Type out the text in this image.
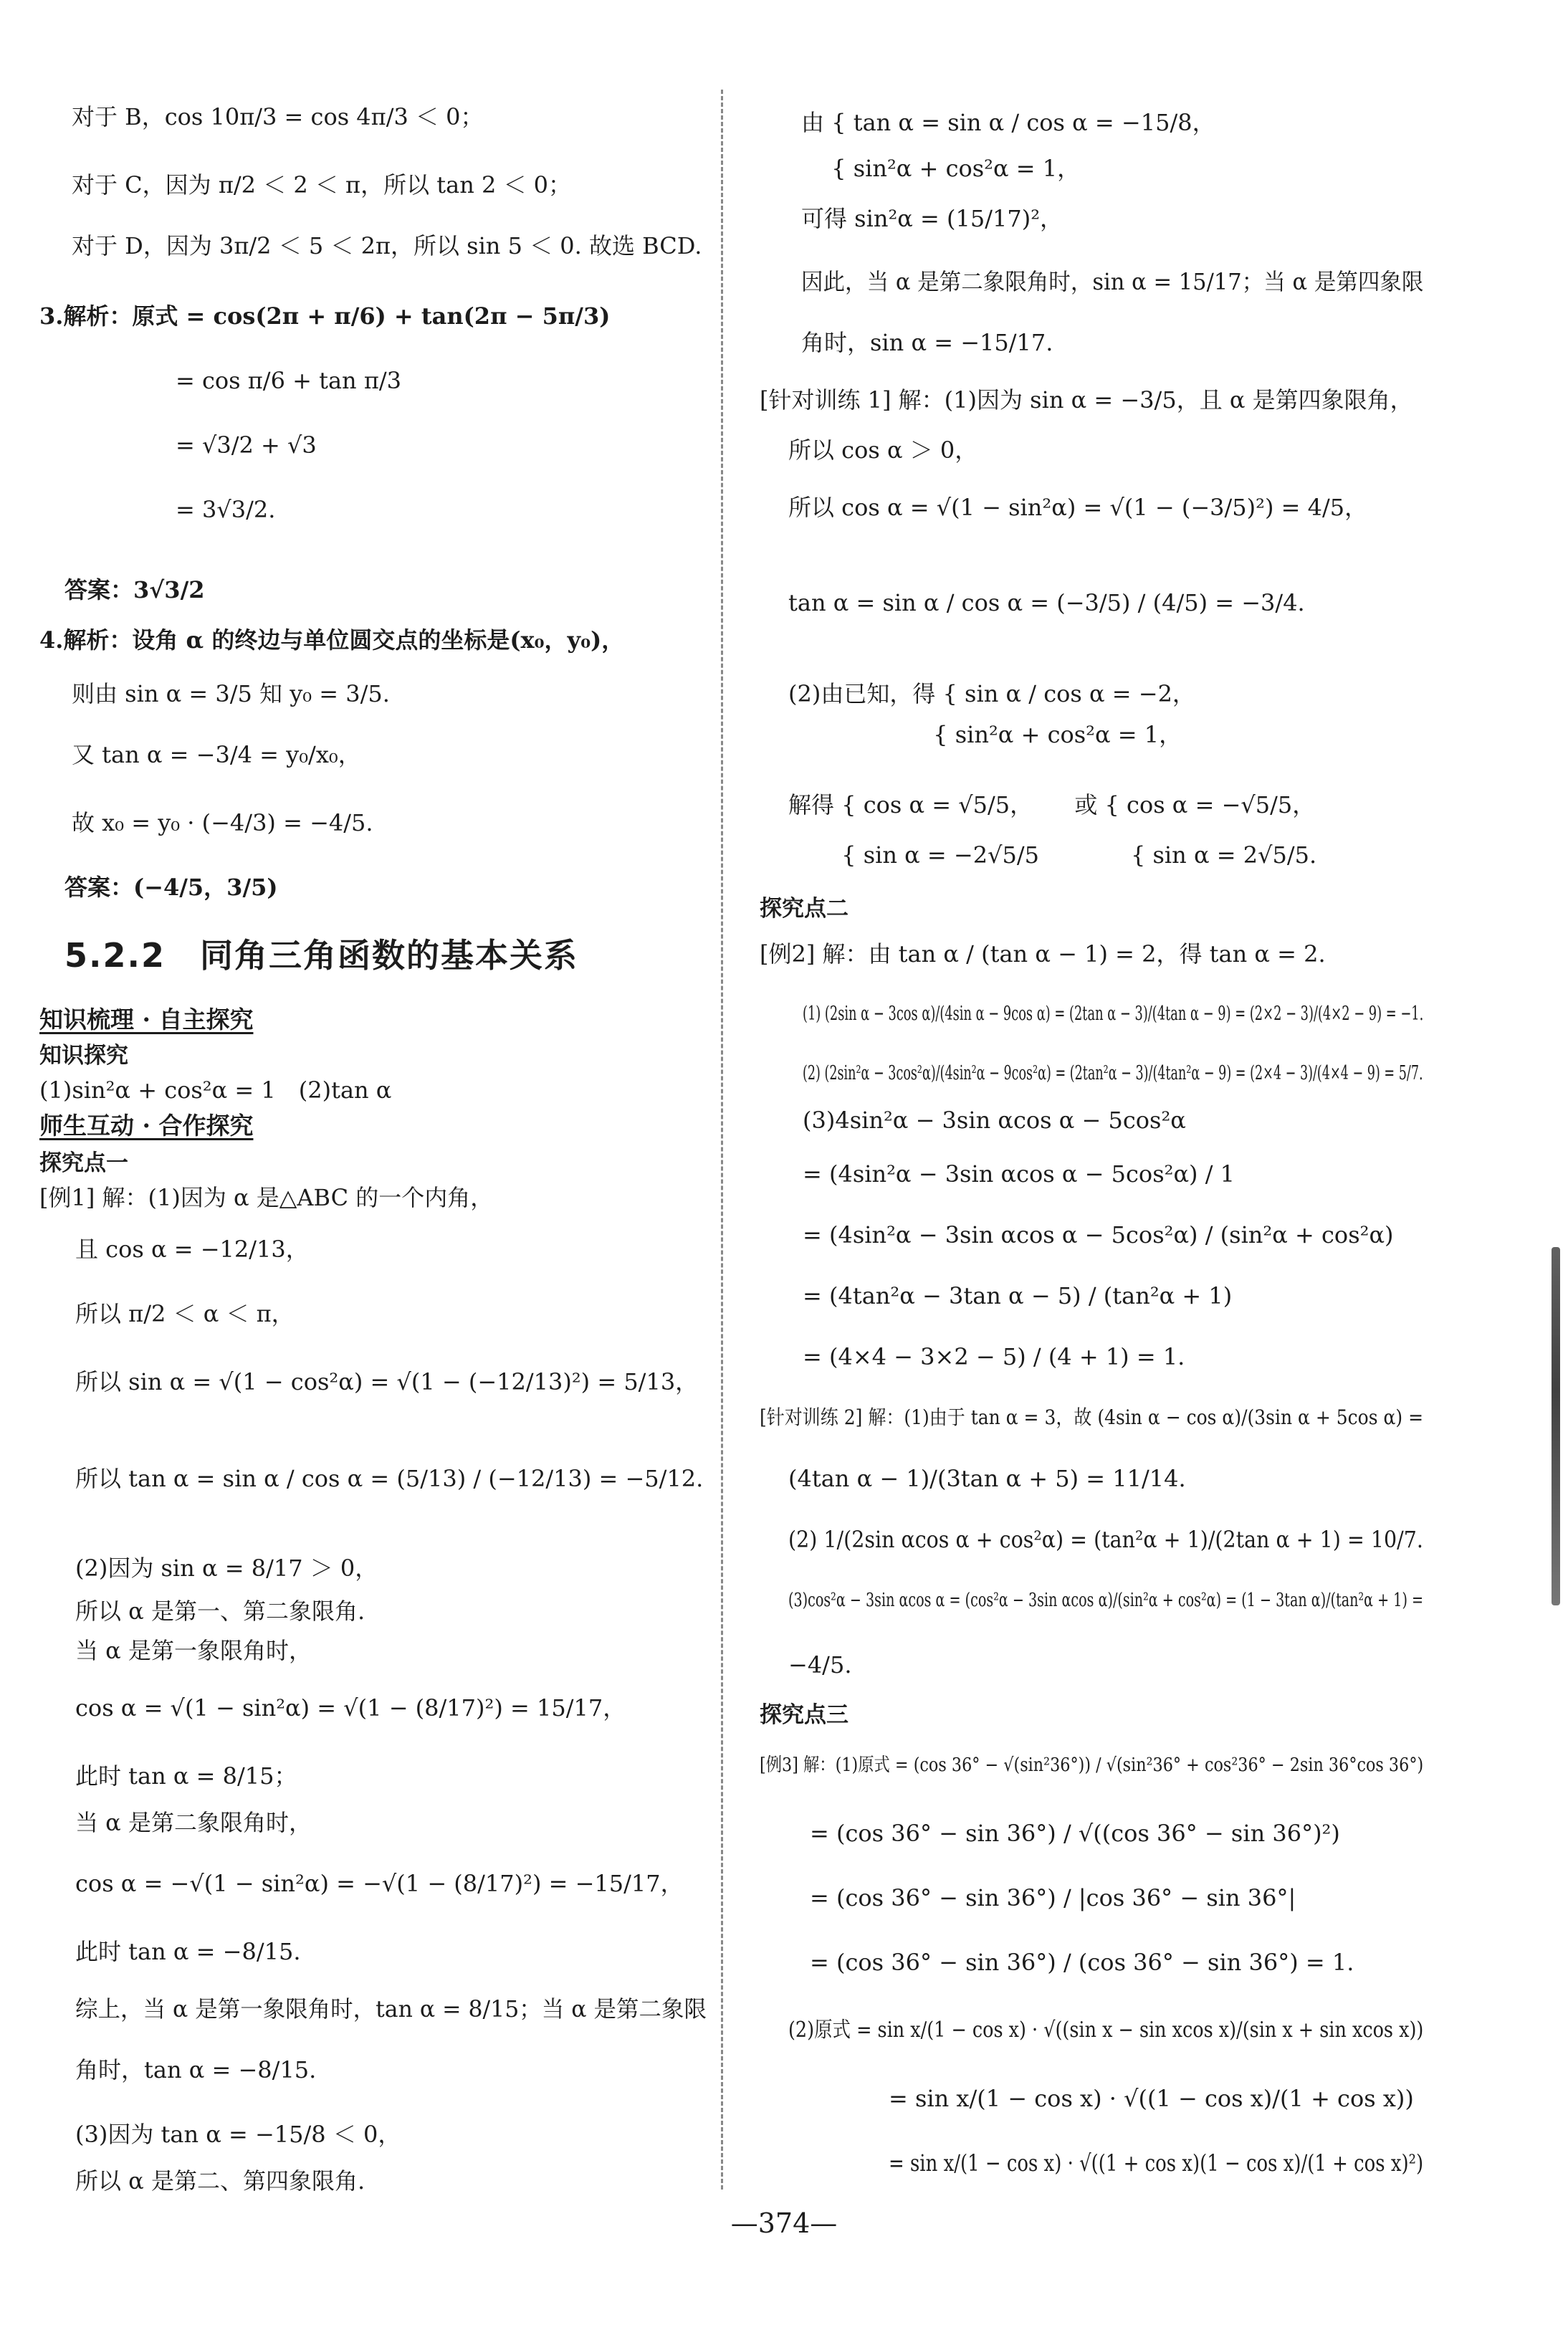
对于 B，cos 10π/3 = cos 4π/3 ＜ 0；
对于 C，因为 π/2 ＜ 2 ＜ π，所以 tan 2 ＜ 0；
对于 D，因为 3π/2 ＜ 5 ＜ 2π，所以 sin 5 ＜ 0. 故选 BCD.
3.解析：原式 = cos(2π + π/6) + tan(2π − 5π/3)
= cos π/6 + tan π/3
= √3/2 + √3
= 3√3/2.
答案：3√3/2
4.解析：设角 α 的终边与单位圆交点的坐标是(x₀，y₀)，
则由 sin α = 3/5 知 y₀ = 3/5.
又 tan α = −3/4 = y₀/x₀，
故 x₀ = y₀ · (−4/3) = −4/5.
答案：(−4/5，3/5)
5.2.2　同角三角函数的基本关系
知识梳理 · 自主探究
知识探究
(1)sin²α + cos²α = 1　(2)tan α
师生互动 · 合作探究
探究点一
[例1] 解：(1)因为 α 是△ABC 的一个内角，
且 cos α = −12/13，
所以 π/2 ＜ α ＜ π，
所以 sin α = √(1 − cos²α) = √(1 − (−12/13)²) = 5/13，
所以 tan α = sin α / cos α = (5/13) / (−12/13) = −5/12.
(2)因为 sin α = 8/17 ＞ 0，
所以 α 是第一、第二象限角.
当 α 是第一象限角时，
cos α = √(1 − sin²α) = √(1 − (8/17)²) = 15/17，
此时 tan α = 8/15；
当 α 是第二象限角时，
cos α = −√(1 − sin²α) = −√(1 − (8/17)²) = −15/17，
此时 tan α = −8/15.
综上，当 α 是第一象限角时，tan α = 8/15；当 α 是第二象限
角时，tan α = −8/15.
(3)因为 tan α = −15/8 ＜ 0，
所以 α 是第二、第四象限角.
由 { tan α = sin α / cos α = −15/8，
　 { sin²α + cos²α = 1，
可得 sin²α = (15/17)²，
因此，当 α 是第二象限角时，sin α = 15/17；当 α 是第四象限
角时，sin α = −15/17.
[针对训练 1] 解：(1)因为 sin α = −3/5，且 α 是第四象限角，
所以 cos α ＞ 0，
所以 cos α = √(1 − sin²α) = √(1 − (−3/5)²) = 4/5，
tan α = sin α / cos α = (−3/5) / (4/5) = −3/4.
(2)由已知，得 { sin α / cos α = −2，
　　　　　　 { sin²α + cos²α = 1，
解得 { cos α = √5/5，　　 或 { cos α = −√5/5，
　　 { sin α = −2√5/5　　　　{ sin α = 2√5/5.
探究点二
[例2] 解：由 tan α / (tan α − 1) = 2，得 tan α = 2.
(1) (2sin α − 3cos α)/(4sin α − 9cos α) = (2tan α − 3)/(4tan α − 9) = (2×2 − 3)/(4×2 − 9) = −1.
(2) (2sin²α − 3cos²α)/(4sin²α − 9cos²α) = (2tan²α − 3)/(4tan²α − 9) = (2×4 − 3)/(4×4 − 9) = 5/7.
(3)4sin²α − 3sin αcos α − 5cos²α
= (4sin²α − 3sin αcos α − 5cos²α) / 1
= (4sin²α − 3sin αcos α − 5cos²α) / (sin²α + cos²α)
= (4tan²α − 3tan α − 5) / (tan²α + 1)
= (4×4 − 3×2 − 5) / (4 + 1) = 1.
[针对训练 2] 解：(1)由于 tan α = 3，故 (4sin α − cos α)/(3sin α + 5cos α) =
(4tan α − 1)/(3tan α + 5) = 11/14.
(2) 1/(2sin αcos α + cos²α) = (tan²α + 1)/(2tan α + 1) = 10/7.
(3)cos²α − 3sin αcos α = (cos²α − 3sin αcos α)/(sin²α + cos²α) = (1 − 3tan α)/(tan²α + 1) =
−4/5.
探究点三
[例3] 解：(1)原式 = (cos 36° − √(sin²36°)) / √(sin²36° + cos²36° − 2sin 36°cos 36°)
= (cos 36° − sin 36°) / √((cos 36° − sin 36°)²)
= (cos 36° − sin 36°) / |cos 36° − sin 36°|
= (cos 36° − sin 36°) / (cos 36° − sin 36°) = 1.
(2)原式 = sin x/(1 − cos x) · √((sin x − sin xcos x)/(sin x + sin xcos x))
= sin x/(1 − cos x) · √((1 − cos x)/(1 + cos x))
= sin x/(1 − cos x) · √((1 + cos x)(1 − cos x)/(1 + cos x)²)
—374—
